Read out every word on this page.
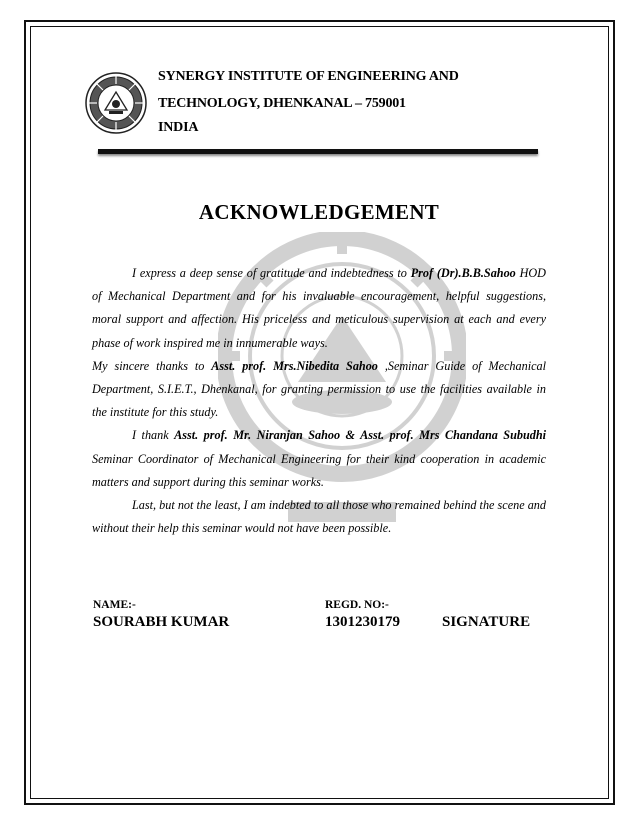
SYNERGY INSTITUTE OF ENGINEERING AND
TECHNOLOGY, DHENKANAL – 759001
INDIA
ACKNOWLEDGEMENT

I express a deep sense of gratitude and indebtedness to Prof (Dr).B.B.Sahoo HOD of Mechanical Department and for his invaluable encouragement, helpful suggestions, moral support and affection. His priceless and meticulous supervision at each and every phase of work inspired me in innumerable ways.

My sincere thanks to Asst. prof. Mrs.Nibedita Sahoo ,Seminar Guide of Mechanical Department, S.I.E.T., Dhenkanal, for granting permission to use the facilities available in the institute for this study.

I thank Asst. prof. Mr. Niranjan Sahoo & Asst. prof. Mrs Chandana Subudhi Seminar Coordinator of Mechanical Engineering for their kind cooperation in academic matters and support during this seminar works.

Last, but not the least, I am indebted to all those who remained behind the scene and without their help this seminar would not have been possible.

NAME:-
SOURABH KUMAR
REGD. NO:-
1301230179	SIGNATURE
